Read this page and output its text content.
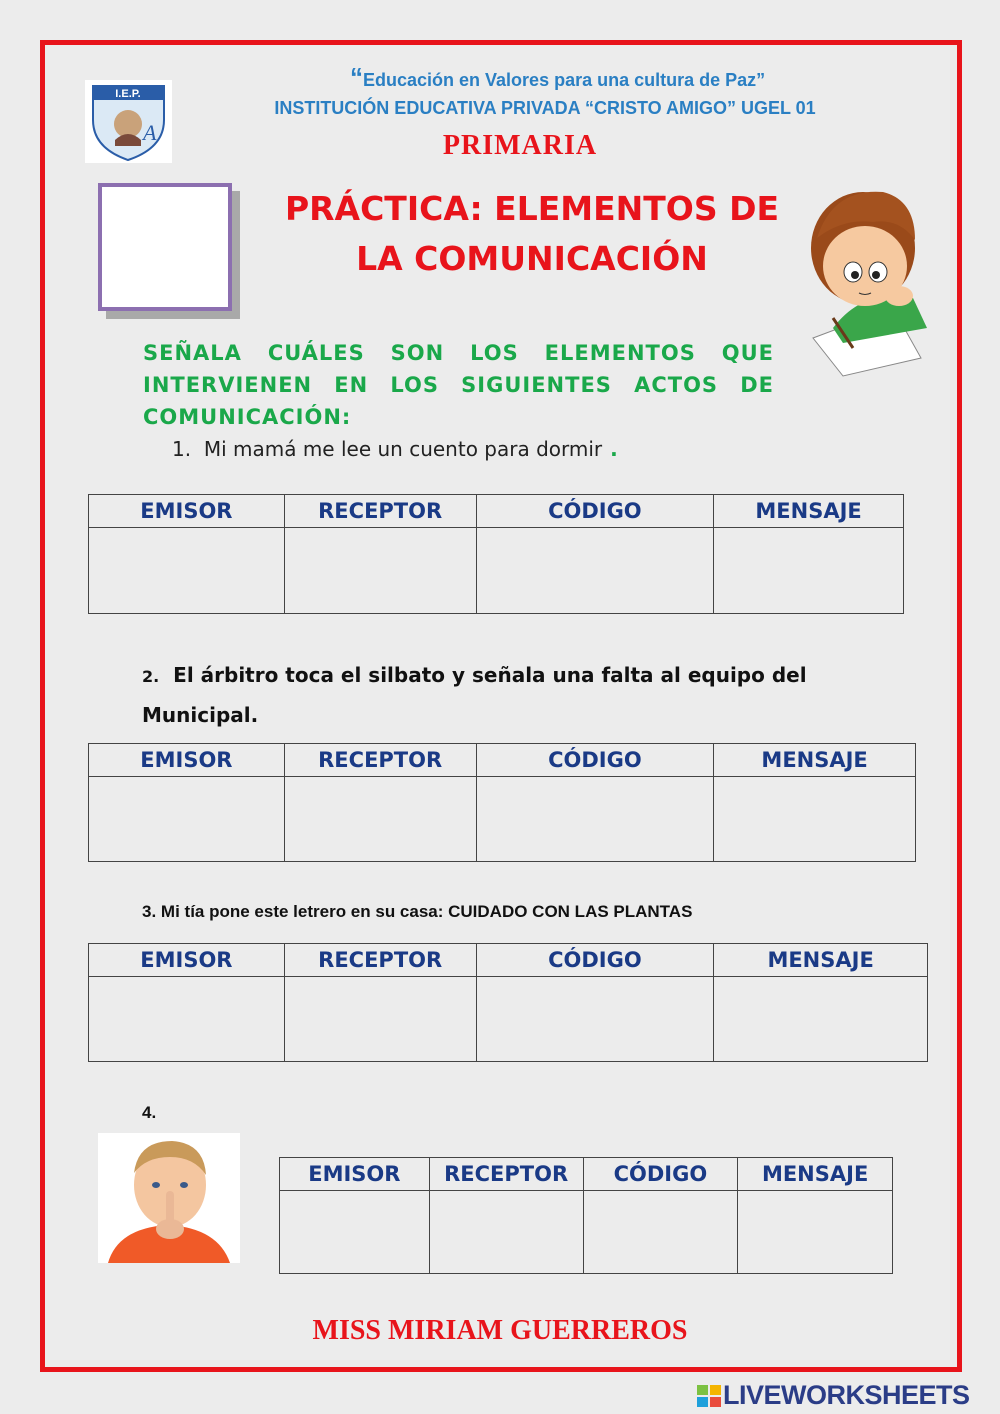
I.E.P.
A
“Educación en Valores para una cultura de Paz”
INSTITUCIÓN EDUCATIVA PRIVADA “CRISTO AMIGO” UGEL 01
PRIMARIA
PRÁCTICA: ELEMENTOS DE
LA COMUNICACIÓN
SEÑALA CUÁLES SON LOS ELEMENTOS QUE INTERVIENEN EN LOS SIGUIENTES ACTOS DE COMUNICACIÓN:
1. Mi mamá me lee un cuento para dormir .
EMISOR	RECEPTOR	CÓDIGO	MENSAJE

2. El árbitro toca el silbato y señala una falta al equipo del Municipal.
EMISOR	RECEPTOR	CÓDIGO	MENSAJE

3. Mi tía pone este letrero en su casa: CUIDADO CON LAS PLANTAS
EMISOR	RECEPTOR	CÓDIGO	MENSAJE

4.
EMISOR	RECEPTOR	CÓDIGO	MENSAJE

MISS MIRIAM GUERREROS
LIVEWORKSHEETS
